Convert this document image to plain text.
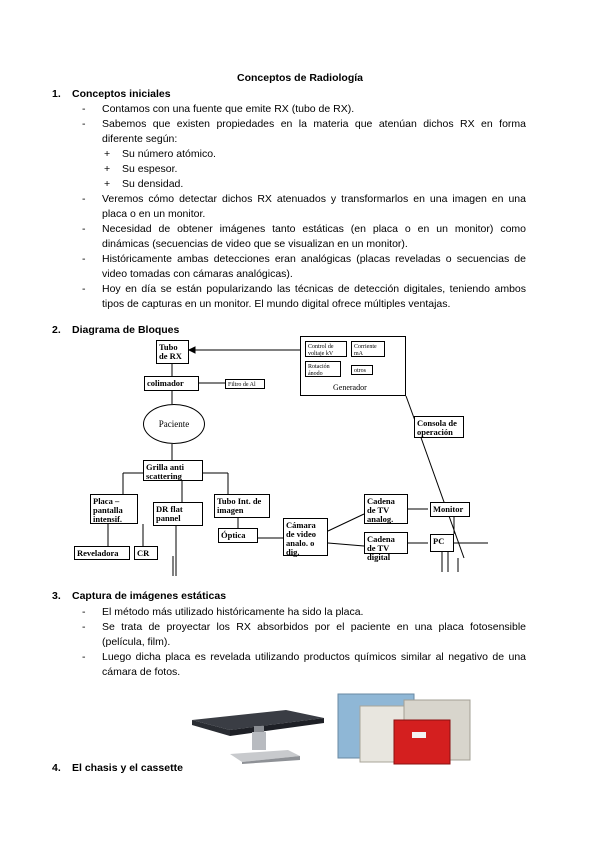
Conceptos de Radiología
1. Conceptos iniciales
- Contamos con una fuente que emite RX (tubo de RX).
- Sabemos que existen propiedades en la materia que atenúan dichos RX en forma diferente según:
+ Su número atómico.
+ Su espesor.
+ Su densidad.
- Veremos cómo detectar dichos RX atenuados y transformarlos en una imagen en una placa o en un monitor.
- Necesidad de obtener imágenes tanto estáticas (en placa o en un monitor) como dinámicas (secuencias de video que se visualizan en un monitor).
- Históricamente ambas detecciones eran analógicas (placas reveladas o secuencias de video tomadas con cámaras analógicas).
- Hoy en día se están popularizando las técnicas de detección digitales, teniendo ambos tipos de capturas en un monitor. El mundo digital ofrece múltiples ventajas.
2. Diagrama de Bloques
Tubo de RX
colimador	Filtro de Al
Paciente
Grilla anti scattering
Placa – pantalla intensif.
DR flat pannel
Tubo Int. de imagen
Óptica
Cámara de video analo. o dig.
Cadena de TV analog.
Cadena de TV digital
Monitor
PC
Reveladora	CR
Consola de operación
Control de voltaje kV
Corriente mA
Rotación ánodo	otros
Generador
3. Captura de imágenes estáticas
- El método más utilizado históricamente ha sido la placa.
- Se trata de proyectar los RX absorbidos por el paciente en una placa fotosensible (película, film).
- Luego dicha placa es revelada utilizando productos químicos similar al negativo de una cámara de fotos.
4. El chasis y el cassette
